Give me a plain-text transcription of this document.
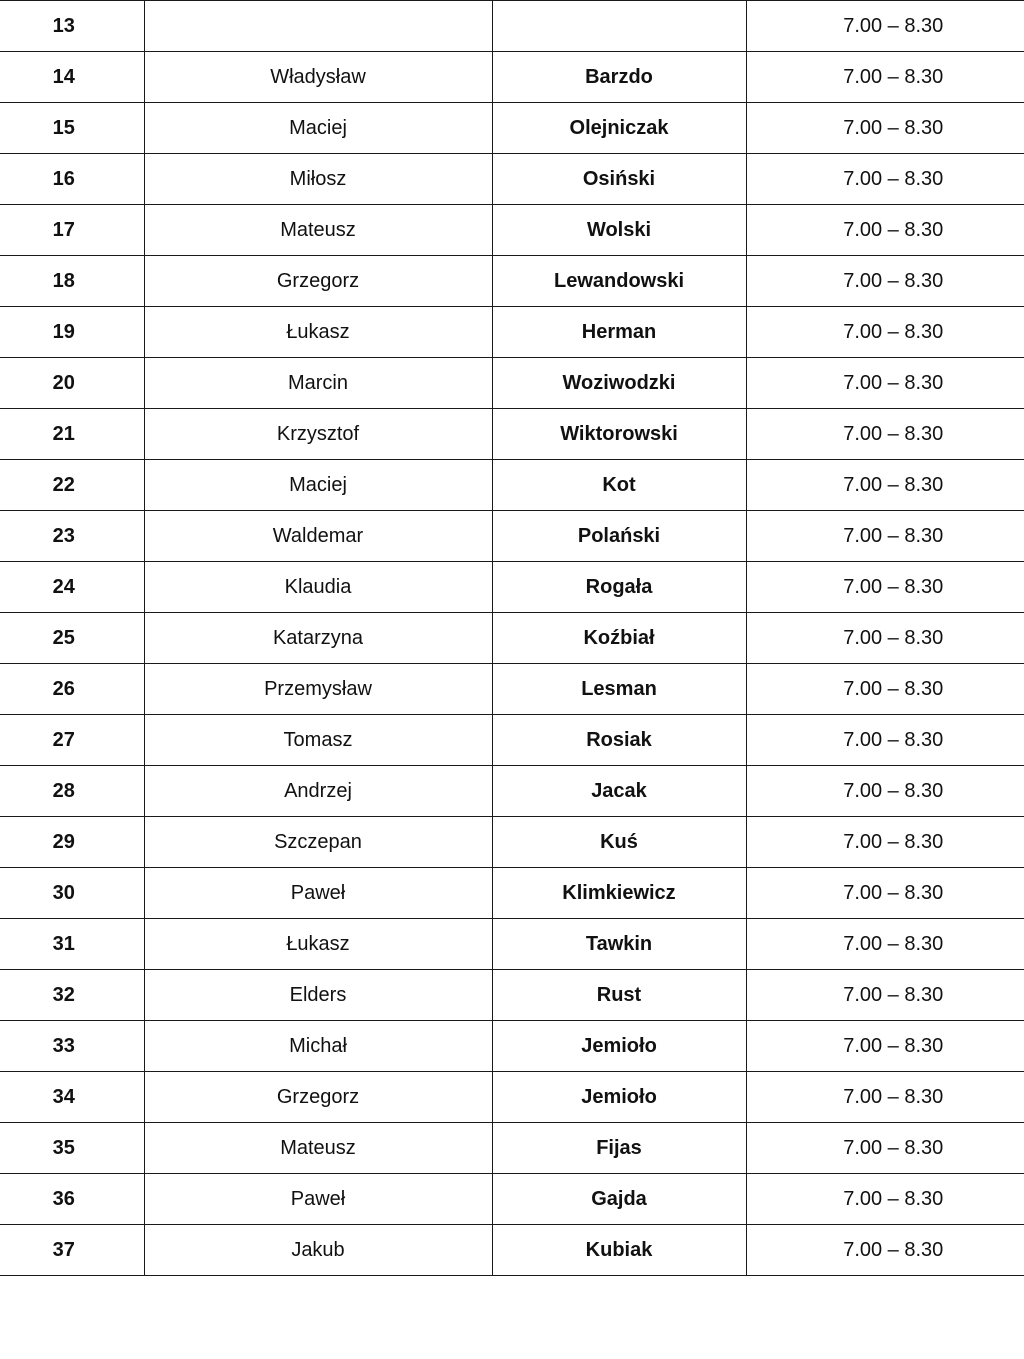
13			7.00 – 8.30
14	Władysław	Barzdo	7.00 – 8.30
15	Maciej	Olejniczak	7.00 – 8.30
16	Miłosz	Osiński	7.00 – 8.30
17	Mateusz	Wolski	7.00 – 8.30
18	Grzegorz	Lewandowski	7.00 – 8.30
19	Łukasz	Herman	7.00 – 8.30
20	Marcin	Woziwodzki	7.00 – 8.30
21	Krzysztof	Wiktorowski	7.00 – 8.30
22	Maciej	Kot	7.00 – 8.30
23	Waldemar	Polański	7.00 – 8.30
24	Klaudia	Rogała	7.00 – 8.30
25	Katarzyna	Koźbiał	7.00 – 8.30
26	Przemysław	Lesman	7.00 – 8.30
27	Tomasz	Rosiak	7.00 – 8.30
28	Andrzej	Jacak	7.00 – 8.30
29	Szczepan	Kuś	7.00 – 8.30
30	Paweł	Klimkiewicz	7.00 – 8.30
31	Łukasz	Tawkin	7.00 – 8.30
32	Elders	Rust	7.00 – 8.30
33	Michał	Jemioło	7.00 – 8.30
34	Grzegorz	Jemioło	7.00 – 8.30
35	Mateusz	Fijas	7.00 – 8.30
36	Paweł	Gajda	7.00 – 8.30
37	Jakub	Kubiak	7.00 – 8.30
